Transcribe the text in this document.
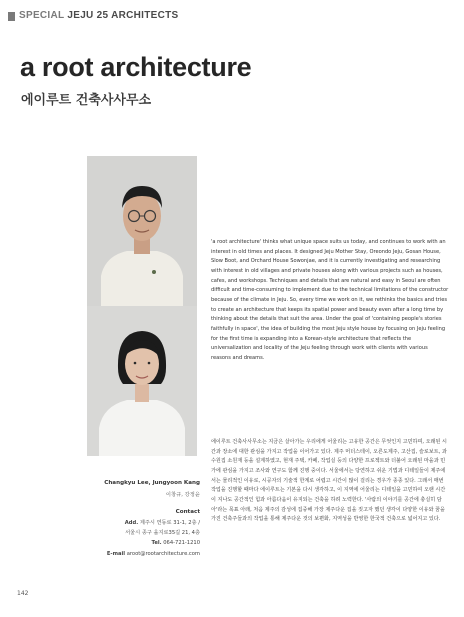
SPECIAL JEJU 25 ARCHITECTS
a root architecture
에이루트 건축사사무소

'a root architecture' thinks what unique space suits us today, and continues to work with an interest in old times and places. It designed Jeju Mother Stay, Oreondo Jeju, Gosan House, Slow Boot, and Orchard House Sowonjae, and it is currently investigating and researching with interest in old villages and private houses along with various projects such as houses, cafes, and workshops. Techniques and details that are natural and easy in Seoul are often difficult and time-consuming to implement due to the technical limitations of the constructor because of the climate in Jeju. So, every time we work on it, we rethinks the basics and tries to create an architecture that keeps its spatial power and beauty even after a long time by thinking about the details that suit the area. Under the goal of 'containing people's stories faithfully in space', the idea of building the most Jeju style house by focusing on Jeju feeling for the first time is expanding into a Korean-style architecture that reflects the universalization and locality of the Jeju feeling through work with clients with various reasons and dreams.

에이루트 건축사사무소는 지금은 살아가는 우리에게 어울리는 고유한 공간은 무엇인지 고민하며, 오래된 시간과 장소에 대한 관심을 가지고 작업을 이어가고 있다. 제주 머더스테이, 오른도제주, 고산집, 슬로보트, 과수원집 소원재 등을 설계하였고, 현재 주택, 카페, 작업실 등의 다양한 프로젝트와 더불어 오래된 마을과 민가에 관심을 가지고 조사와 연구도 함께 진행 중이다. 서울에서는 당연하고 쉬운 기법과 디테일들이 제주에서는 물리적인 이유로, 시공자의 기술적 한계로 어렵고 시간이 많이 걸리는 경우가 종종 있다. 그래서 매번 작업을 진행할 때마다 에이루트는 기본을 다시 생각하고, 이 지역에 어울리는 디테일을 고민하여 오랜 시간이 지나도 공간적인 힘과 아름다움이 유지되는 건축을 하려 노력한다. '사람의 이야기를 공간에 충실히 담아'라는 목표 아래, 처음 제주의 감성에 집중해 가장 제주다운 집을 짓고자 했던 생각이 다양한 이유와 꿈을 가진 건축주들과의 작업을 통해 제주다운 것의 보편화, 지역성을 반영한 한국적 건축으로 넓어지고 있다.

Changkyu Lee, Jungyoon Kang
이창규, 강정윤
Contact
Add. 제주시 연동로 31-1, 2층 /
서울시 종구 을지로35길 21, 4층
Tel. 064-721-1210
E-mail aroot@rootarchitecture.com
142
